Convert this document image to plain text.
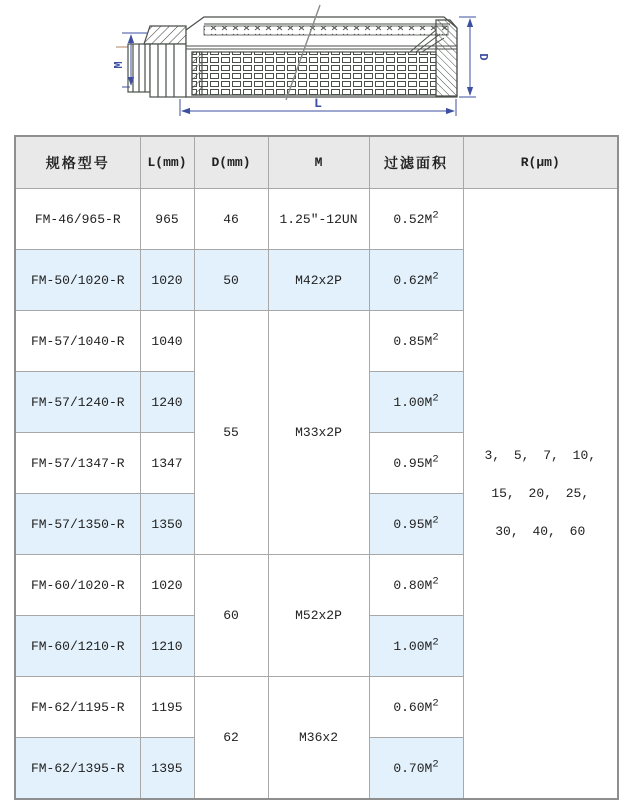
M
D
L
规格型号	L(mm)	D(mm)	M	过滤面积	R(μm)
FM-46/965-R	965	46	1.25"-12UN	$0.52M^2$	3, 5, 7, 10,
15, 20, 25,
30, 40, 60

FM-50/1020-R	1020	50	M42x2P	$0.62M^2$
FM-57/1040-R	1040	55	M33x2P	$0.85M^2$
FM-57/1240-R	1240			$1.00M^2$
FM-57/1347-R	1347			$0.95M^2$
FM-57/1350-R	1350			$0.95M^2$
FM-60/1020-R	1020	60	M52x2P	$0.80M^2$
FM-60/1210-R	1210			$1.00M^2$
FM-62/1195-R	1195	62	M36x2	$0.60M^2$
FM-62/1395-R	1395			$0.70M^2$
